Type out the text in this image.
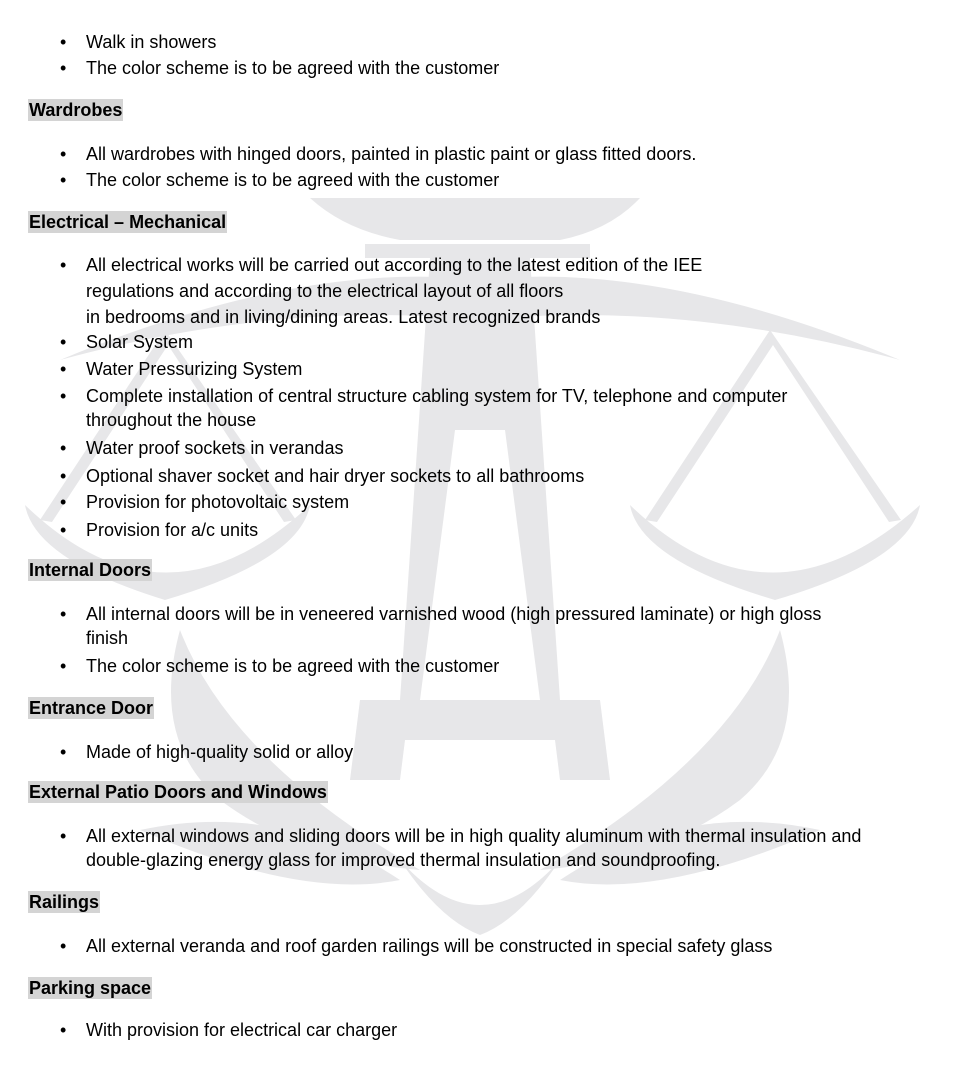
• Walk in showers
• The color scheme is to be agreed with the customer
Wardrobes
• All wardrobes with hinged doors, painted in plastic paint or glass fitted doors.
• The color scheme is to be agreed with the customer
Electrical – Mechanical
• All electrical works will be carried out according to the latest edition of the IEE
regulations and according to the electrical layout of all floors
in bedrooms and in living/dining areas. Latest recognized brands
• Solar System
• Water Pressurizing System
• Complete installation of central structure cabling system for TV, telephone and computer
throughout the house
• Water proof sockets in verandas
• Optional shaver socket and hair dryer sockets to all bathrooms
• Provision for photovoltaic system
• Provision for a/c units
Internal Doors
• All internal doors will be in veneered varnished wood (high pressured laminate) or high gloss
finish
• The color scheme is to be agreed with the customer
Entrance Door
• Made of high-quality solid or alloy
External Patio Doors and Windows
• All external windows and sliding doors will be in high quality aluminum with thermal insulation and
double-glazing energy glass for improved thermal insulation and soundproofing.
Railings
• All external veranda and roof garden railings will be constructed in special safety glass
Parking space
• With provision for electrical car charger
